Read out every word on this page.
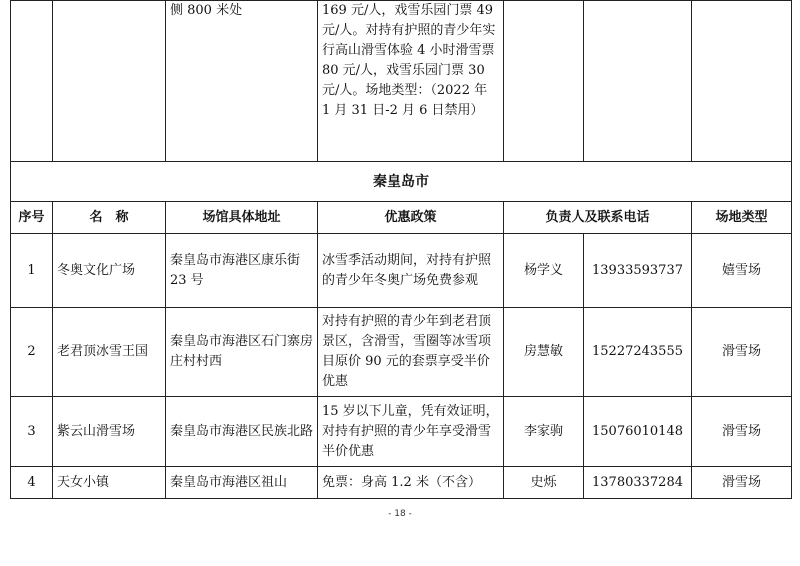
		侧 800 米处	169 元/人，戏雪乐园门票 49 元/人。对持有护照的青少年实行高山滑雪体验 4 小时滑雪票 80 元/人，戏雪乐园门票 30 元/人。场地类型：（2022 年 1 月 31 日-2 月 6 日禁用）			
秦皇岛市						
序号	名　称	场馆具体地址	优惠政策	负责人及联系电话		场地类型
1	冬奥文化广场	秦皇岛市海港区康乐街 23 号	冰雪季活动期间，对持有护照的青少年冬奥广场免费参观	杨学义	13933593737	嬉雪场
2	老君顶冰雪王国	秦皇岛市海港区石门寨房庄村村西	对持有护照的青少年到老君顶景区，含滑雪，雪圈等冰雪项目原价 90 元的套票享受半价优惠	房慧敏	15227243555	滑雪场
3	紫云山滑雪场	秦皇岛市海港区民族北路	15 岁以下儿童，凭有效证明，对持有护照的青少年享受滑雪半价优惠	李家驹	15076010148	滑雪场
4	天女小镇	秦皇岛市海港区祖山	免票：身高 1.2 米（不含）	史烁	13780337284	滑雪场
- 18 -
